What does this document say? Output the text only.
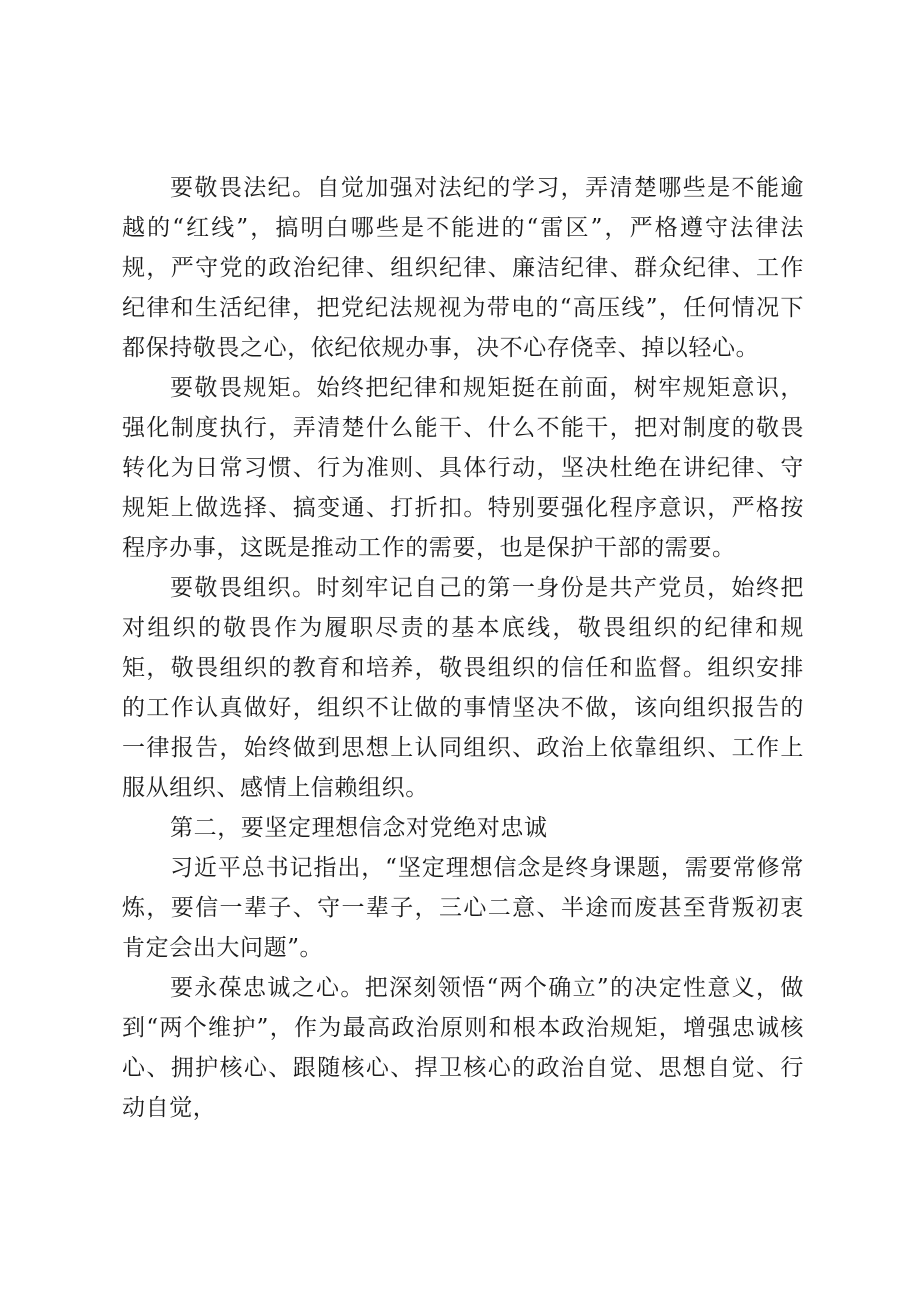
要敬畏法纪。自觉加强对法纪的学习，弄清楚哪些是不能逾越的“红线”，搞明白哪些是不能进的“雷区”，严格遵守法律法规，严守党的政治纪律、组织纪律、廉洁纪律、群众纪律、工作纪律和生活纪律，把党纪法规视为带电的“高压线”，任何情况下都保持敬畏之心，依纪依规办事，决不心存侥幸、掉以轻心。

要敬畏规矩。始终把纪律和规矩挺在前面，树牢规矩意识，强化制度执行，弄清楚什么能干、什么不能干，把对制度的敬畏转化为日常习惯、行为准则、具体行动，坚决杜绝在讲纪律、守规矩上做选择、搞变通、打折扣。特别要强化程序意识，严格按程序办事，这既是推动工作的需要，也是保护干部的需要。

要敬畏组织。时刻牢记自己的第一身份是共产党员，始终把对组织的敬畏作为履职尽责的基本底线，敬畏组织的纪律和规矩，敬畏组织的教育和培养，敬畏组织的信任和监督。组织安排的工作认真做好，组织不让做的事情坚决不做，该向组织报告的一律报告，始终做到思想上认同组织、政治上依靠组织、工作上服从组织、感情上信赖组织。

第二，要坚定理想信念对党绝对忠诚

习近平总书记指出，“坚定理想信念是终身课题，需要常修常炼，要信一辈子、守一辈子，三心二意、半途而废甚至背叛初衷肯定会出大问题”。

要永葆忠诚之心。把深刻领悟“两个确立”的决定性意义，做到“两个维护”，作为最高政治原则和根本政治规矩，增强忠诚核心、拥护核心、跟随核心、捍卫核心的政治自觉、思想自觉、行动自觉，
